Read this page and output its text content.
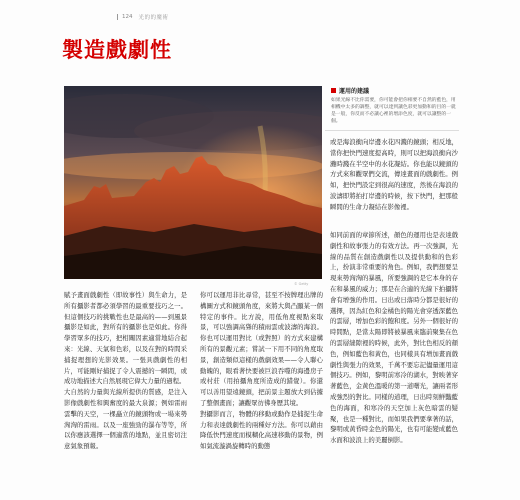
124 光的的魔術
製造戲劇性
© Getty
運用的建議
如果光線不比你需要，你可能會把你相要不自然的藍色，用相機中太多的調整，就可以達到讓色彩更加動和的目的一就是一般，你反而不必讓心裡的增添色度，就可以讓整的一個。

或是海浪衝向岸邊水花四濺的鏡頭；相反地，當你把快門速度提高時，則可以把海浪衝向沙灘時濺在半空中的水花凝結。你也能以鏡頭的方式來和觀眾們交流，傳達畫面的戲劇性。例如，把快門設定到很高的速度，然後在海浪的波濤即將拍打岸邊的時候，按下快門，把那般瞬間的生命力凝結在影像裡。

如同前面的章節所述，顏色的運用也是表達戲劇性和故事張力的有效方法。再一次強調，光線的品質在創造戲劇性以及提供動和的色彩上，扮演非常重要的角色。例如，我們想要呈現來勢洶洶的暴風，所要強調的是它本身的存在和暴風的威力；那是在合適的光線下拍攝將會有增強的作用。日出或日落時分都是很好的選擇，因為紅色和金橘色的陽光會穿透深藍色的雲層，增加色彩的飽和度。另外一個很好的時間點，是當太陽即將被暴風來臨前聚集在色的雲層縫隙裡的時候，此外，對比色相反的顏色，例如藍色和黃色，也同樣具有增加畫面戲劇性與張力的效果，千萬不要忘記儘量運用這個技巧。例如，黎明前寒冷的湖水，對映著穿著藍色，金黃色溫暖的第一道曙光，讓兩者形成強烈的對比。同樣的道理，日出時刻鮮豔藍色的海面，和寒冷的天空加上灰色暗雲的疑聚，也是一種對比，而如果我們要拿著的話，黎明或黃昏時金色的陽光，也有可能變成藍色水面和波浪上的美麗倒影。

賦予畫面戲劇性（即故事性）與生命力，是所有攝影者都必須學習的最重要技巧之一。但這個技巧的挑戰性也是最高的——到風景攝影是如此，對所有的攝影也是如此。你得學習眾多的技巧，把相關因素適當地結合起來：光線、天氣和色彩，以及在對的時間采捕捉理想的光影效果。一張具戲劇性的相片，可能剛好捕捉了令人震撼的一瞬間，或成功地描述大自然展現它偉大力量的過程。
大自然的力量與光線所提供的質感，是注入影像戲劇性和興奮度的最大泉源；例如雷雨雲擊的天空，一棵矗立的鏡頭物或一場來勢洶洶的雷雨。以及一座強勁的瀑布等等，所以你應該選擇一個適當的地點，並且密切注意氣象預報。

你可以運用非比尋常，甚至不按牌理出牌的構圖方式和鏡頭角度，來將大與凸顯某一個特定的事件。比方說，用低角度視點來取景，可以強調高聳的積雨雲或波濤的海浪。你也可以運用對比（或對照）的方式來建構所有的景觀元素；嘗試一下用不同的角度取景，創造類似這樣的戲劇效果——令人聯心動魄的，眼看著快要被巨浪吞噬的海邊房子或村莊（用拍攝角度所造成的錯覺）。你還可以善用望遠鏡頭，把前景主題放大到佔據了整個畫面；讓觀眾彷彿身歷其境。
對攝影而言，物體的移動或動作是捕捉生命力和表達戲劇性的兩種好方法。你可以藉由降低快門速度而模糊化高速移動的景物，例如氣流漩渦旋轉時的動態
